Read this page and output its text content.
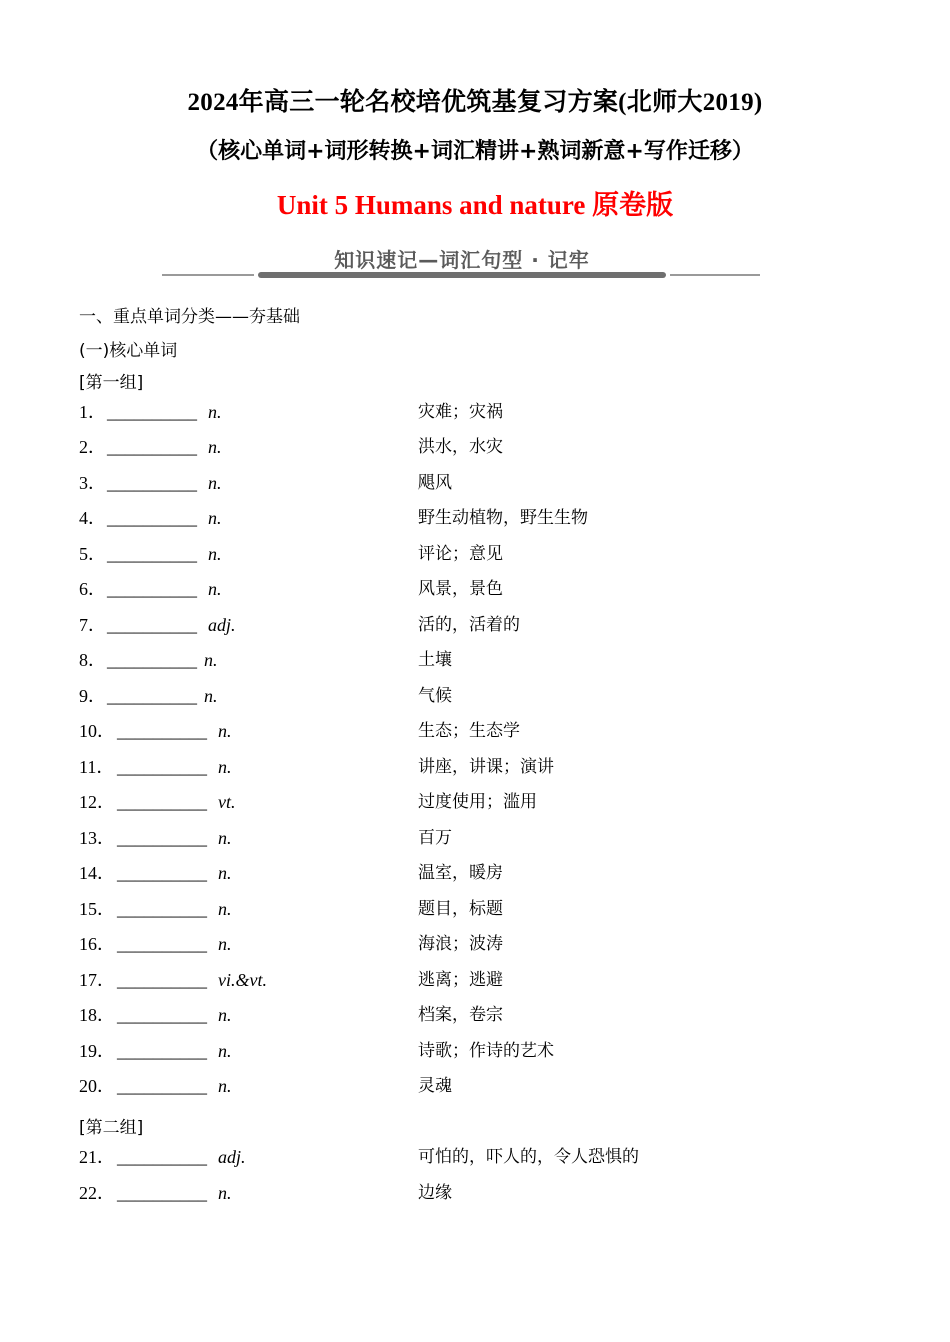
2024年高三一轮名校培优筑基复习方案(北师大2019)
（核心单词+词形转换+词汇精讲+熟词新意+写作迁移）
Unit 5 Humans and nature 原卷版
知识速记—词汇句型 · 记牢
一、重点单词分类——夯基础
(一)核心单词
[第一组]
[第二组]
1． __________ n.	灾难；灾祸
2． __________ n.	洪水，水灾
3． __________ n.	飓风
4． __________ n.	野生动植物，野生生物
5． __________ n.	评论；意见
6． __________ n.	风景，景色
7． __________ adj.	活的，活着的
8． __________ n.	土壤
9． __________ n.	气候
10． __________ n.	生态；生态学
11． __________ n.	讲座，讲课；演讲
12． __________ vt.	过度使用；滥用
13． __________ n.	百万
14． __________ n.	温室，暖房
15． __________ n.	题目，标题
16． __________ n.	海浪；波涛
17． __________ vi.&vt.	逃离；逃避
18． __________ n.	档案，卷宗
19． __________ n.	诗歌；作诗的艺术
20． __________ n.	灵魂
21． __________ adj.	可怕的，吓人的，令人恐惧的
22． __________ n.	边缘
